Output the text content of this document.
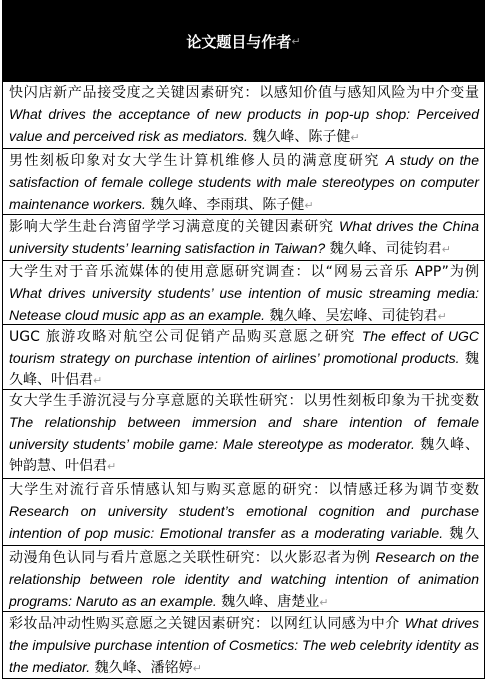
论文题目与作者 ↵
快闪店新产品接受度之关键因素研究：以感知价值与感知风险为中介变量 What drives the acceptance of new products in pop-up shop: Perceived value and perceived risk as mediators. 魏久峰、陈子健↵
男性刻板印象对女大学生计算机维修人员的满意度研究 A study on the satisfaction of female college students with male stereotypes on computer maintenance workers. 魏久峰、李雨琪、陈子健↵
影响大学生赴台湾留学学习满意度的关键因素研究 What drives the China university students’ learning satisfaction in Taiwan? 魏久峰、司徒钧君↵
大学生对于音乐流媒体的使用意愿研究调查：以“网易云音乐 APP”为例 What drives university students’ use intention of music streaming media: Netease cloud music app as an example. 魏久峰、吴宏峰、司徒钧君↵
UGC 旅游攻略对航空公司促销产品购买意愿之研究 The effect of UGC tourism strategy on purchase intention of airlines’ promotional products. 魏久峰、叶侣君↵
女大学生手游沉浸与分享意愿的关联性研究：以男性刻板印象为干扰变数 The relationship between immersion and share intention of female university students’ mobile game: Male stereotype as moderator. 魏久峰、钟韵慧、叶侣君↵
大学生对流行音乐情感认知与购买意愿的研究：以情感迁移为调节变数 Research on university student’s emotional cognition and purchase intention of pop music: Emotional transfer as a moderating variable. 魏久
动漫角色认同与看片意愿之关联性研究：以火影忍者为例 Research on the relationship between role identity and watching intention of animation programs: Naruto as an example. 魏久峰、唐楚业↵
彩妆品冲动性购买意愿之关键因素研究：以网红认同感为中介 What drives the impulsive purchase intention of Cosmetics: The web celebrity identity as the mediator. 魏久峰、潘铭婷↵
